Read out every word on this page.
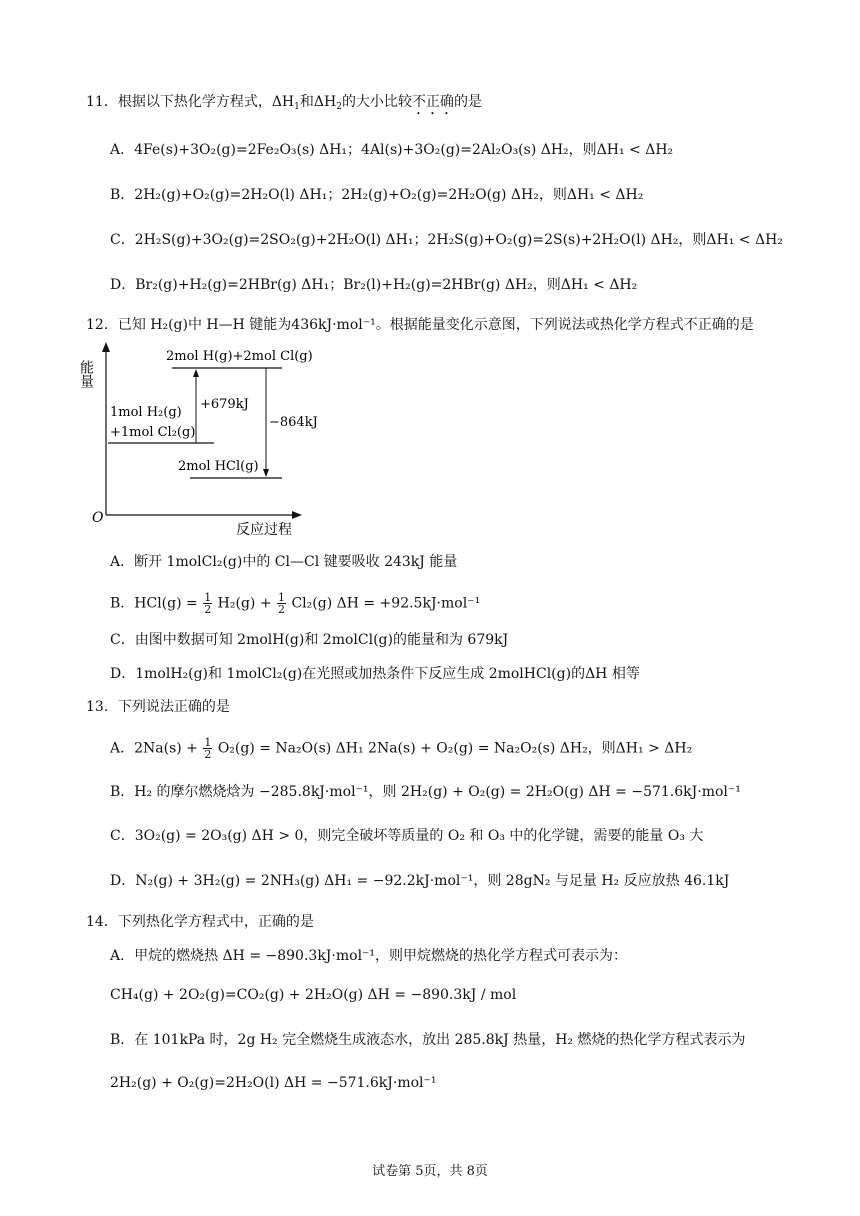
11．根据以下热化学方程式，$\Delta H_1$和$\Delta H_2$的大小比较不正确的是
A．4Fe(s)+3O₂(g)=2Fe₂O₃(s) ΔH₁；4Al(s)+3O₂(g)=2Al₂O₃(s) ΔH₂，则ΔH₁ < ΔH₂
B．2H₂(g)+O₂(g)=2H₂O(l) ΔH₁；2H₂(g)+O₂(g)=2H₂O(g) ΔH₂，则ΔH₁ < ΔH₂
C．2H₂S(g)+3O₂(g)=2SO₂(g)+2H₂O(l) ΔH₁；2H₂S(g)+O₂(g)=2S(s)+2H₂O(l) ΔH₂，则ΔH₁ < ΔH₂
D．Br₂(g)+H₂(g)=2HBr(g) ΔH₁；Br₂(l)+H₂(g)=2HBr(g) ΔH₂，则ΔH₁ < ΔH₂
12．已知 H₂(g)中 H—H 键能为436kJ·mol⁻¹。根据能量变化示意图，下列说法或热化学方程式不正确的是
能量
反应过程
O
2mol H(g)+2mol Cl(g)
1mol H₂(g)
+1mol Cl₂(g)
2mol HCl(g)
+679kJ
−864kJ
A．断开 1molCl₂(g)中的 Cl—Cl 键要吸收 243kJ 能量
B．$HCl(g) = \frac{1}{2} H_2(g) + \frac{1}{2} Cl_2(g) \Delta H = +92.5kJ\cdot mol^{-1}$
C．由图中数据可知 2molH(g)和 2molCl(g)的能量和为 679kJ
D．1molH₂(g)和 1molCl₂(g)在光照或加热条件下反应生成 2molHCl(g)的ΔH 相等
13．下列说法正确的是
A．$2Na(s) + \frac{1}{2} O_2(g) = Na_2O(s)$ ΔH₁ 2Na(s) + O₂(g) = Na₂O₂(s) ΔH₂，则ΔH₁ > ΔH₂
B．H₂ 的摩尔燃烧焓为 −285.8kJ·mol⁻¹，则 2H₂(g) + O₂(g) = 2H₂O(g) ΔH = −571.6kJ·mol⁻¹
C．3O₂(g) = 2O₃(g) ΔH > 0，则完全破坏等质量的 O₂ 和 O₃ 中的化学键，需要的能量 O₃ 大
D．N₂(g) + 3H₂(g) = 2NH₃(g) ΔH₁ = −92.2kJ·mol⁻¹，则 28gN₂ 与足量 H₂ 反应放热 46.1kJ
14．下列热化学方程式中，正确的是
A．甲烷的燃烧热 ΔH = −890.3kJ·mol⁻¹，则甲烷燃烧的热化学方程式可表示为：
CH₄(g) + 2O₂(g)=CO₂(g) + 2H₂O(g) ΔH = −890.3kJ / mol
B．在 101kPa 时，2g H₂ 完全燃烧生成液态水，放出 285.8kJ 热量，H₂ 燃烧的热化学方程式表示为
2H₂(g) + O₂(g)=2H₂O(l) ΔH = −571.6kJ·mol⁻¹
试卷第 5页，共 8页
